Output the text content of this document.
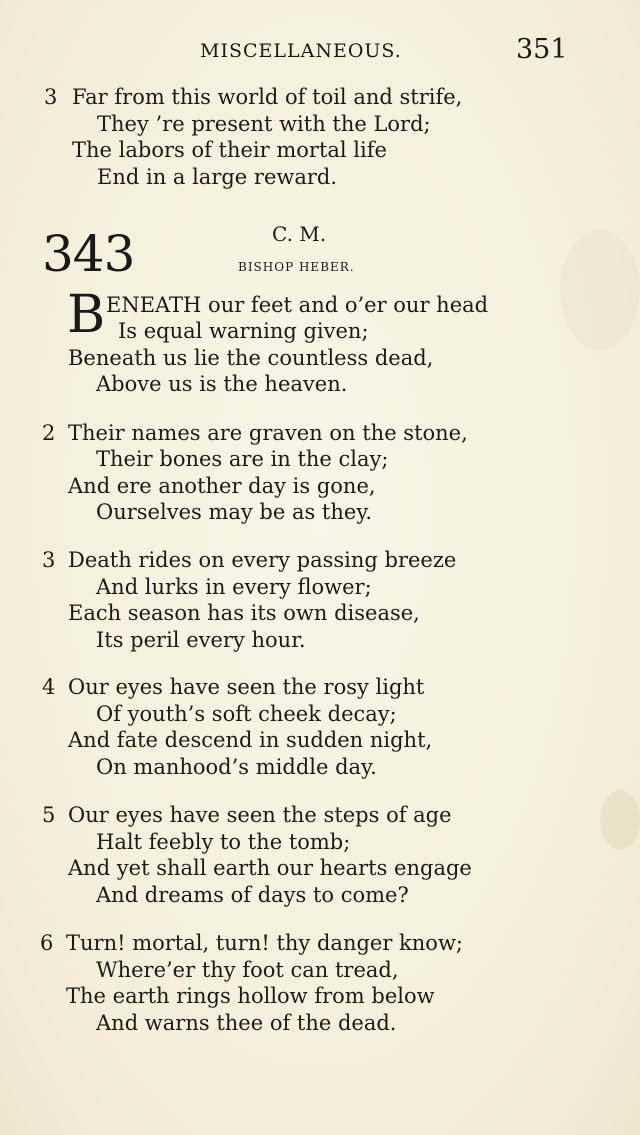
MISCELLANEOUS.	351
3 Far from this world of toil and strife,
They ’re present with the Lord;
The labors of their mortal life
End in a large reward.
343	C. M.
BISHOP HEBER.
B ENEATH our feet and o’er our head
Is equal warning given;
Beneath us lie the countless dead,
Above us is the heaven.
2 Their names are graven on the stone,
Their bones are in the clay;
And ere another day is gone,
Ourselves may be as they.
3 Death rides on every passing breeze
And lurks in every flower;
Each season has its own disease,
Its peril every hour.
4 Our eyes have seen the rosy light
Of youth’s soft cheek decay;
And fate descend in sudden night,
On manhood’s middle day.
5 Our eyes have seen the steps of age
Halt feebly to the tomb;
And yet shall earth our hearts engage
And dreams of days to come?
6 Turn! mortal, turn! thy danger know;
Where’er thy foot can tread,
The earth rings hollow from below
And warns thee of the dead.
